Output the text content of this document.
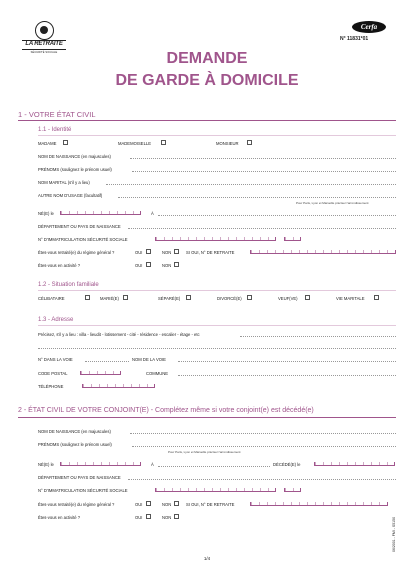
LA RETRAITE
SÉCURITÉ SOCIALE
Cerfa
N° 11831*01
DEMANDE
DE GARDE À DOMICILE
1 - VOTRE ÉTAT CIVIL
1.1 - Identité
MADAME	MADEMOISELLE	MONSIEUR
NOM DE NAISSANCE (en majuscules)
PRÉNOMS (soulignez le prénom usuel)
NOM MARITAL (s'il y a lieu)
AUTRE NOM D'USAGE (facultatif)
Pour Paris, Lyon et Marseille préciser l'arrondissement
NÉ(E) le	À
DÉPARTEMENT OU PAYS DE NAISSANCE
N° D'IMMATRICULATION SÉCURITÉ SOCIALE
Êtes-vous retraité(e) du régime général ?	OUI	NON	SI OUI, N° DE RETRAITE
Êtes-vous en activité ?	OUI	NON
1.2 - Situation familiale
CÉLIBATAIRE	MARIÉ(E)	SÉPARÉ(E)	DIVORCÉ(E)	VEUF(VE)	VIE MARITALE
1.3 - Adresse
Précisez, s'il y a lieu : villa - lieudit - lotissement - cité - résidence - escalier - étage - etc
N° DANS LA VOIE	NOM DE LA VOIE
CODE POSTAL	COMMUNE
TÉLÉPHONE
2 - ÉTAT CIVIL DE VOTRE CONJOINT(E) - Complétez même si votre conjoint(e) est décédé(e)
NOM DE NAISSANCE (en majuscules)
PRÉNOMS (soulignez le prénom usuel)
Pour Paris, Lyon et Marseille préciser l'arrondissement
NÉ(E) le	À	DÉCÉDÉ(E) le
DÉPARTEMENT OU PAYS DE NAISSANCE
N° D'IMMATRICULATION SÉCURITÉ SOCIALE
Êtes-vous retraité(e) du régime général ?	OUI	NON	SI OUI, N° DE RETRAITE
Êtes-vous en activité ?	OUI	NON
1/4
06/2001 - FMI - S5150
